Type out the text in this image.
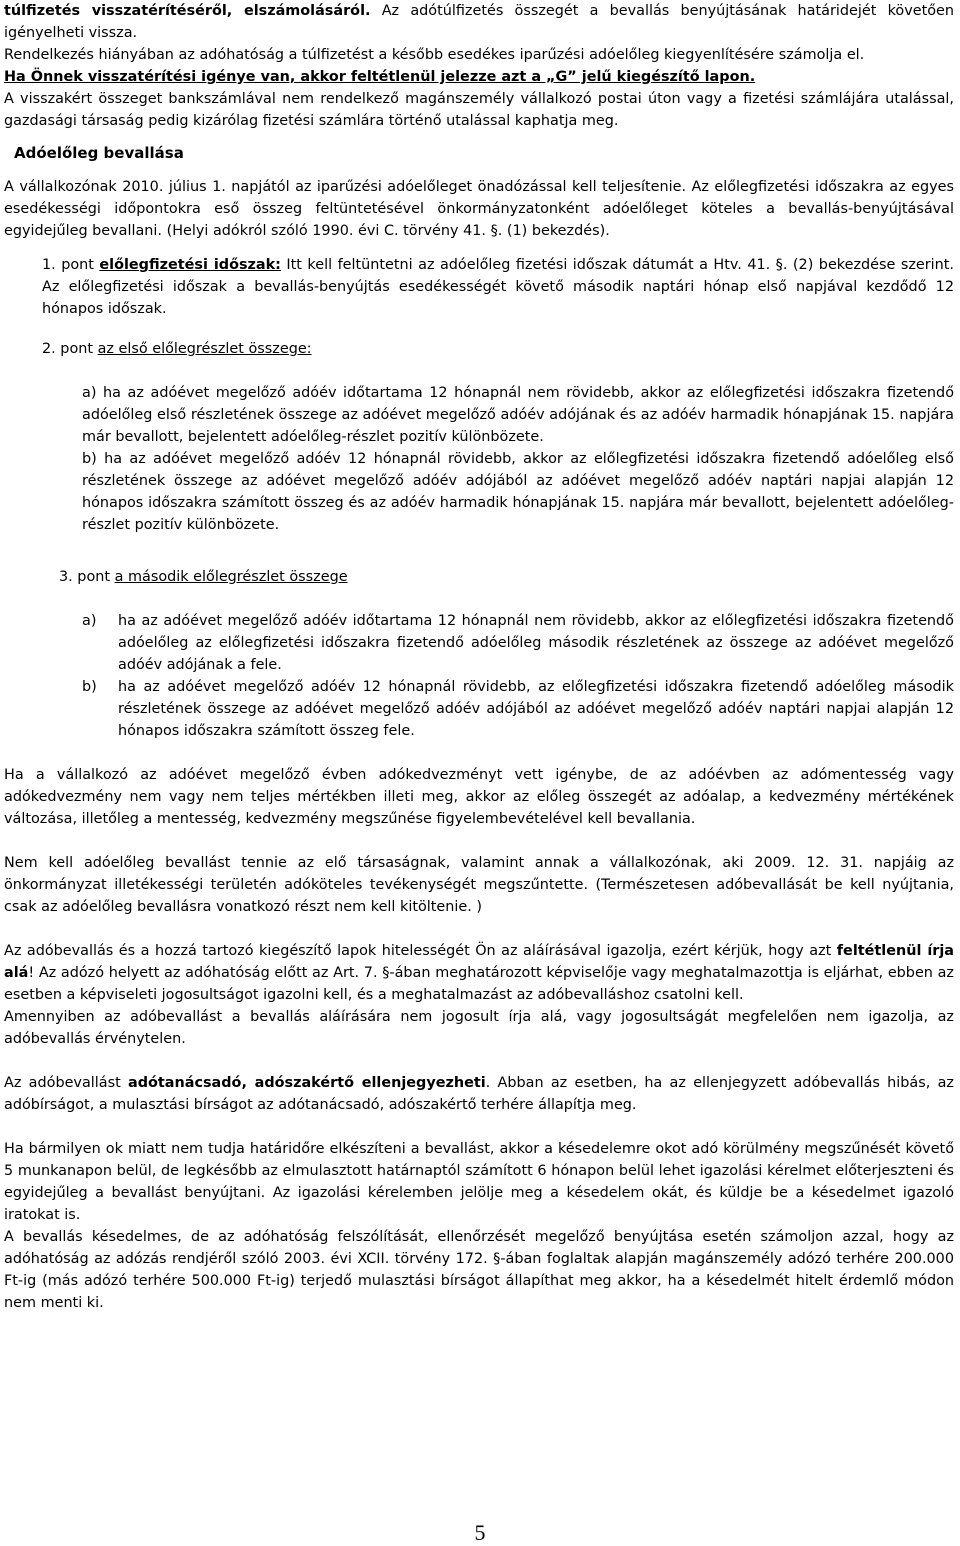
túlfizetés visszatérítéséről, elszámolásáról. Az adótúlfizetés összegét a bevallás benyújtásának határidejét követően igényelheti vissza.

Rendelkezés hiányában az adóhatóság a túlfizetést a később esedékes iparűzési adóelőleg kiegyenlítésére számolja el.

Ha Önnek visszatérítési igénye van, akkor feltétlenül jelezze azt a „G” jelű kiegészítő lapon.

A visszakért összeget bankszámlával nem rendelkező magánszemély vállalkozó postai úton vagy a fizetési számlájára utalással, gazdasági társaság pedig kizárólag fizetési számlára történő utalással kaphatja meg.

Adóelőleg bevallása

A vállalkozónak 2010. július 1. napjától az iparűzési adóelőleget önadózással kell teljesítenie. Az előlegfizetési időszakra az egyes esedékességi időpontokra eső összeg feltüntetésével önkormányzatonként adóelőleget köteles a bevallás-benyújtásával egyidejűleg bevallani. (Helyi adókról szóló 1990. évi C. törvény 41. §. (1) bekezdés).

1. pont előlegfizetési időszak: Itt kell feltüntetni az adóelőleg fizetési időszak dátumát a Htv. 41. §. (2) bekezdése szerint. Az előlegfizetési időszak a bevallás-benyújtás esedékességét követő második naptári hónap első napjával kezdődő 12 hónapos időszak.

2. pont az első előlegrészlet összege:

a) ha az adóévet megelőző adóév időtartama 12 hónapnál nem rövidebb, akkor az előlegfizetési időszakra fizetendő adóelőleg első részletének összege az adóévet megelőző adóév adójának és az adóév harmadik hónapjának 15. napjára már bevallott, bejelentett adóelőleg-részlet pozitív különbözete.

b) ha az adóévet megelőző adóév 12 hónapnál rövidebb, akkor az előlegfizetési időszakra fizetendő adóelőleg első részletének összege az adóévet megelőző adóév adójából az adóévet megelőző adóév naptári napjai alapján 12 hónapos időszakra számított összeg és az adóév harmadik hónapjának 15. napjára már bevallott, bejelentett adóelőleg-részlet pozitív különbözete.

3. pont a második előlegrészlet összege

a)	ha az adóévet megelőző adóév időtartama 12 hónapnál nem rövidebb, akkor az előlegfizetési időszakra fizetendő adóelőleg az előlegfizetési időszakra fizetendő adóelőleg második részletének az összege az adóévet megelőző adóév adójának a fele.
b)	ha az adóévet megelőző adóév 12 hónapnál rövidebb, az előlegfizetési időszakra fizetendő adóelőleg második részletének összege az adóévet megelőző adóév adójából az adóévet megelőző adóév naptári napjai alapján 12 hónapos időszakra számított összeg fele.

Ha a vállalkozó az adóévet megelőző évben adókedvezményt vett igénybe, de az adóévben az adómentesség vagy adókedvezmény nem vagy nem teljes mértékben illeti meg, akkor az előleg összegét az adóalap, a kedvezmény mértékének változása, illetőleg a mentesség, kedvezmény megszűnése figyelembevételével kell bevallania.

Nem kell adóelőleg bevallást tennie az elő társaságnak, valamint annak a vállalkozónak, aki 2009. 12. 31. napjáig az önkormányzat illetékességi területén adóköteles tevékenységét megszűntette. (Természetesen adóbevallását be kell nyújtania, csak az adóelőleg bevallásra vonatkozó részt nem kell kitöltenie. )

Az adóbevallás és a hozzá tartozó kiegészítő lapok hitelességét Ön az aláírásával igazolja, ezért kérjük, hogy azt feltétlenül írja alá! Az adózó helyett az adóhatóság előtt az Art. 7. §-ában meghatározott képviselője vagy meghatalmazottja is eljárhat, ebben az esetben a képviseleti jogosultságot igazolni kell, és a meghatalmazást az adóbevalláshoz csatolni kell.

Amennyiben az adóbevallást a bevallás aláírására nem jogosult írja alá, vagy jogosultságát megfelelően nem igazolja, az adóbevallás érvénytelen.

Az adóbevallást adótanácsadó, adószakértő ellenjegyezheti. Abban az esetben, ha az ellenjegyzett adóbevallás hibás, az adóbírságot, a mulasztási bírságot az adótanácsadó, adószakértő terhére állapítja meg.

Ha bármilyen ok miatt nem tudja határidőre elkészíteni a bevallást, akkor a késedelemre okot adó körülmény megszűnését követő 5 munkanapon belül, de legkésőbb az elmulasztott határnaptól számított 6 hónapon belül lehet igazolási kérelmet előterjeszteni és egyidejűleg a bevallást benyújtani. Az igazolási kérelemben jelölje meg a késedelem okát, és küldje be a késedelmet igazoló iratokat is.

A bevallás késedelmes, de az adóhatóság felszólítását, ellenőrzését megelőző benyújtása esetén számoljon azzal, hogy az adóhatóság az adózás rendjéről szóló 2003. évi XCII. törvény 172. §-ában foglaltak alapján magánszemély adózó terhére 200.000 Ft-ig (más adózó terhére 500.000 Ft-ig) terjedő mulasztási bírságot állapíthat meg akkor, ha a késedelmét hitelt érdemlő módon nem menti ki.

5
